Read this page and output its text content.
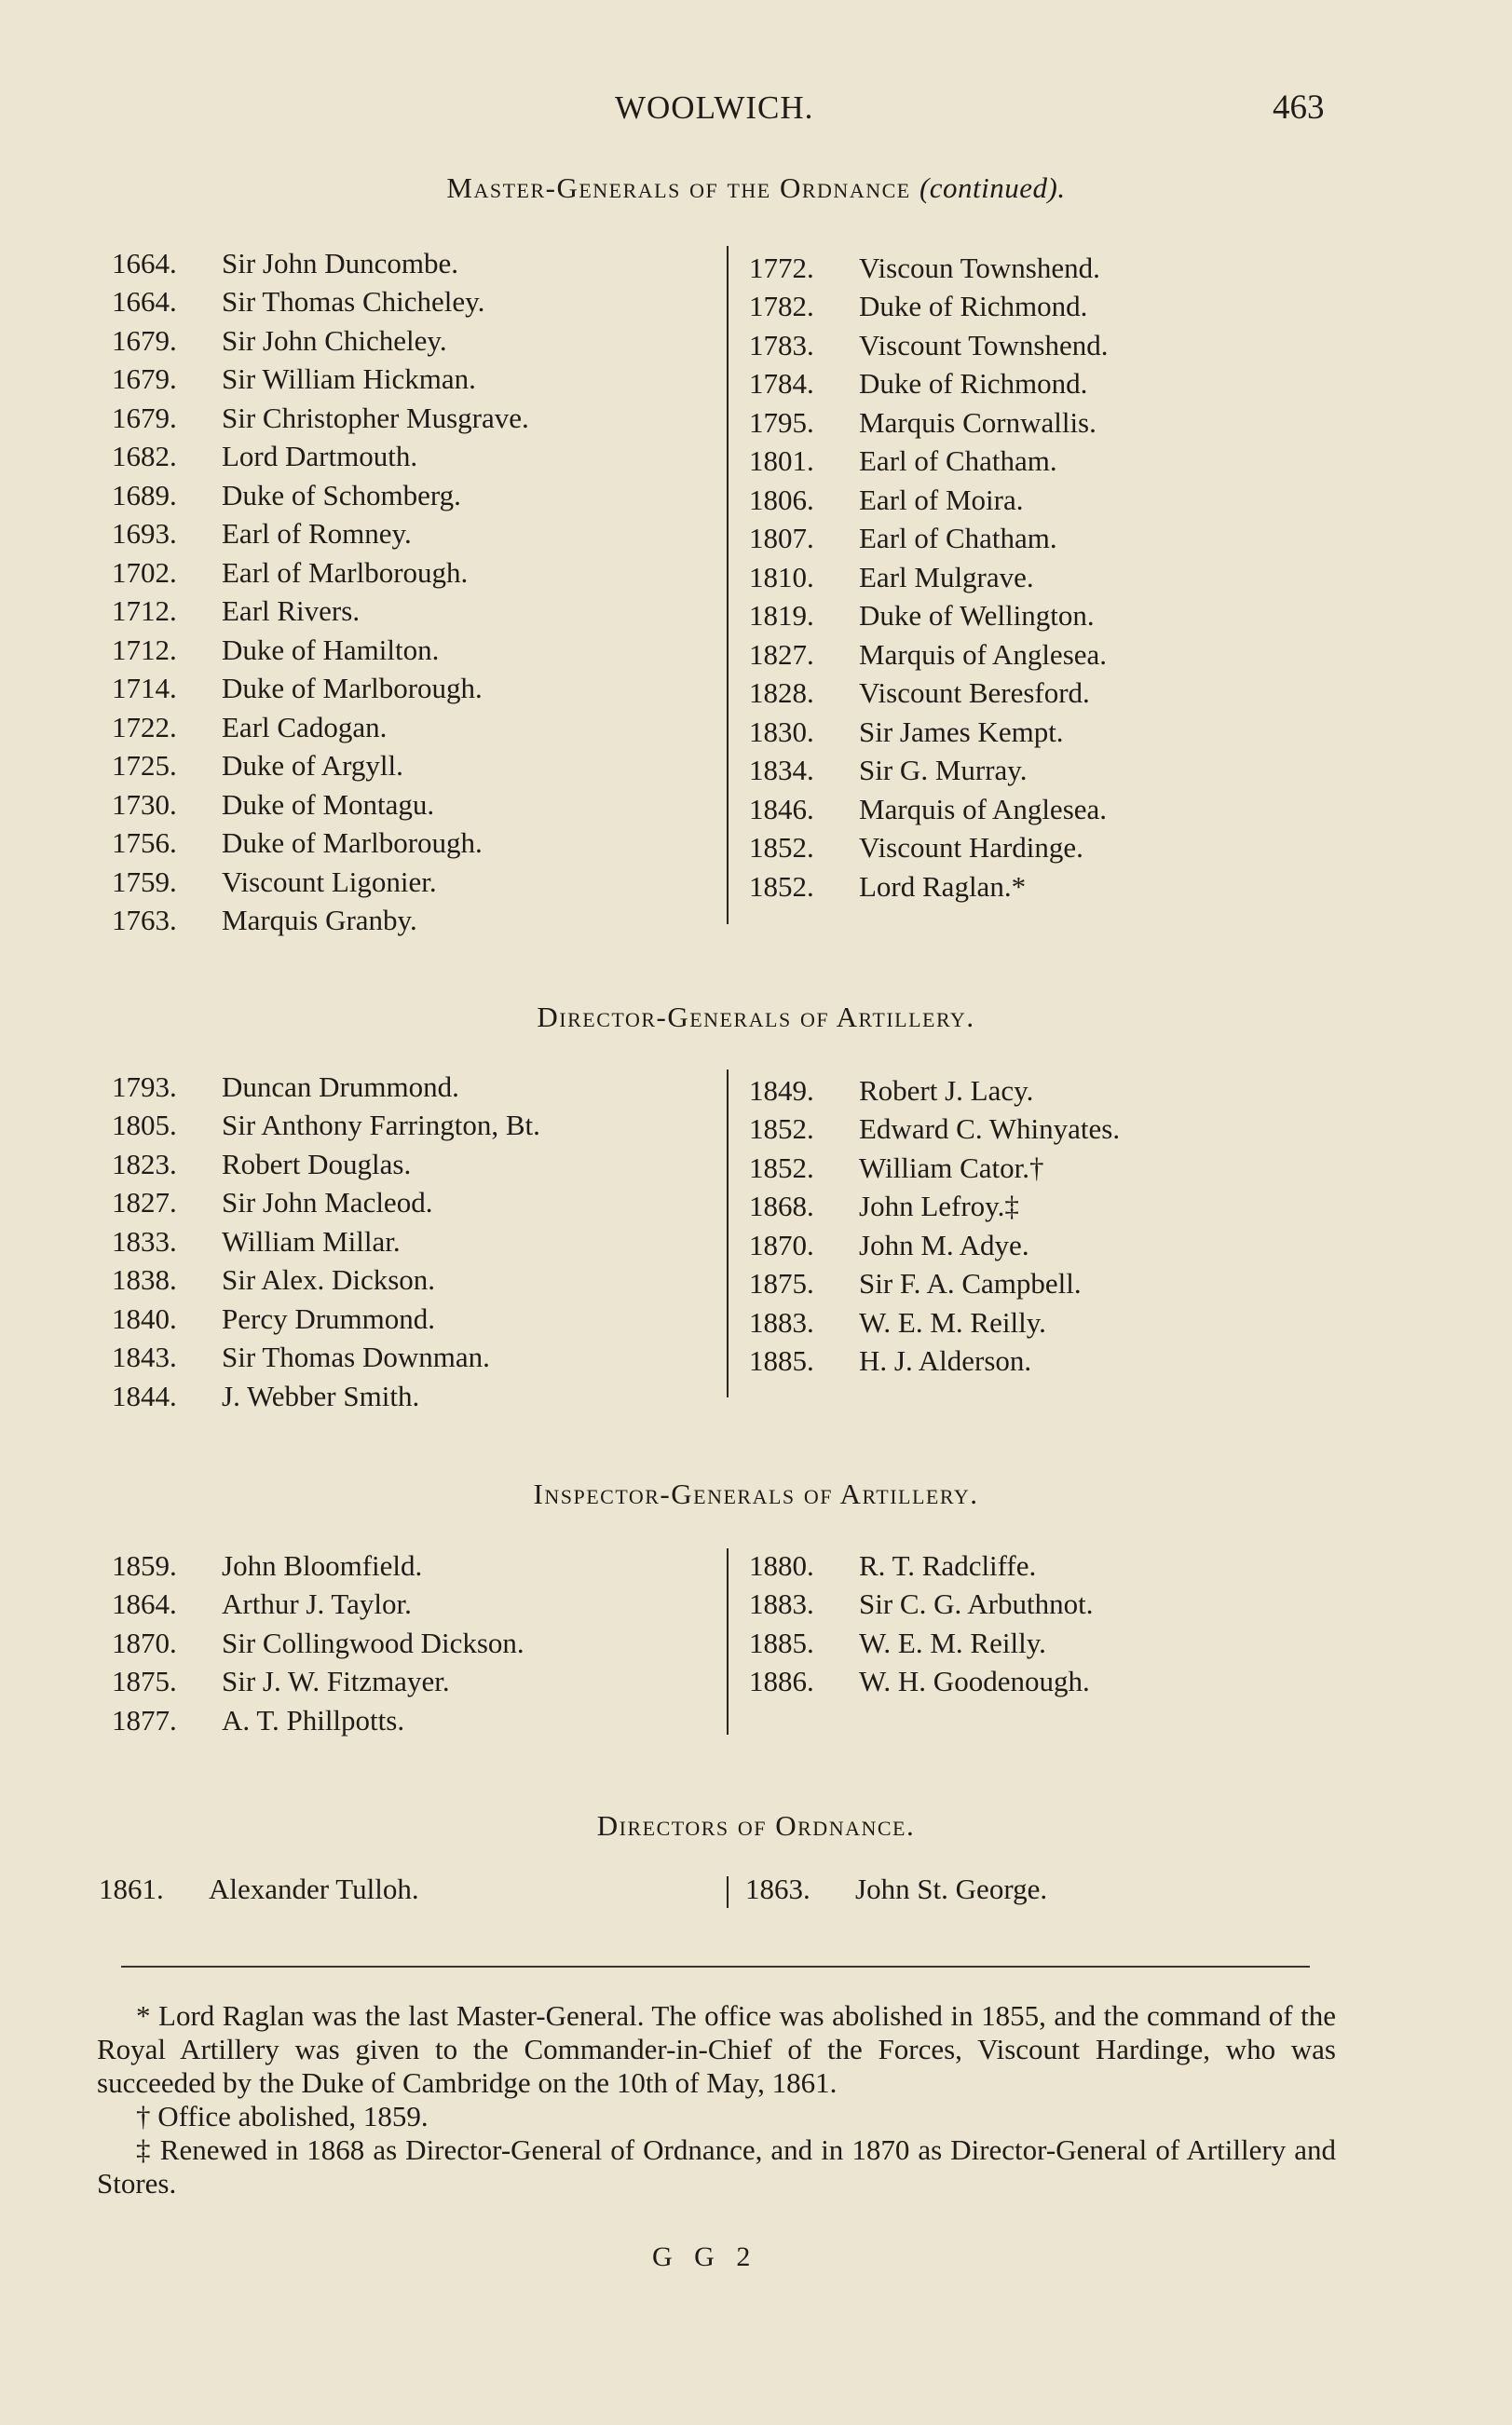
WOOLWICH.	463
Master-Generals of the Ordnance (continued).
1664.	Sir John Duncombe.
1664.	Sir Thomas Chicheley.
1679.	Sir John Chicheley.
1679.	Sir William Hickman.
1679.	Sir Christopher Musgrave.
1682.	Lord Dartmouth.
1689.	Duke of Schomberg.
1693.	Earl of Romney.
1702.	Earl of Marlborough.
1712.	Earl Rivers.
1712.	Duke of Hamilton.
1714.	Duke of Marlborough.
1722.	Earl Cadogan.
1725.	Duke of Argyll.
1730.	Duke of Montagu.
1756.	Duke of Marlborough.
1759.	Viscount Ligonier.
1763.	Marquis Granby.
1772.	Viscoun Townshend.
1782.	Duke of Richmond.
1783.	Viscount Townshend.
1784.	Duke of Richmond.
1795.	Marquis Cornwallis.
1801.	Earl of Chatham.
1806.	Earl of Moira.
1807.	Earl of Chatham.
1810.	Earl Mulgrave.
1819.	Duke of Wellington.
1827.	Marquis of Anglesea.
1828.	Viscount Beresford.
1830.	Sir James Kempt.
1834.	Sir G. Murray.
1846.	Marquis of Anglesea.
1852.	Viscount Hardinge.
1852.	Lord Raglan.*
Director-Generals of Artillery.
1793.	Duncan Drummond.
1805.	Sir Anthony Farrington, Bt.
1823.	Robert Douglas.
1827.	Sir John Macleod.
1833.	William Millar.
1838.	Sir Alex. Dickson.
1840.	Percy Drummond.
1843.	Sir Thomas Downman.
1844.	J. Webber Smith.
1849.	Robert J. Lacy.
1852.	Edward C. Whinyates.
1852.	William Cator.†
1868.	John Lefroy.‡
1870.	John M. Adye.
1875.	Sir F. A. Campbell.
1883.	W. E. M. Reilly.
1885.	H. J. Alderson.
Inspector-Generals of Artillery.
1859.	John Bloomfield.
1864.	Arthur J. Taylor.
1870.	Sir Collingwood Dickson.
1875.	Sir J. W. Fitzmayer.
1877.	A. T. Phillpotts.
1880.	R. T. Radcliffe.
1883.	Sir C. G. Arbuthnot.
1885.	W. E. M. Reilly.
1886.	W. H. Goodenough.
Directors of Ordnance.
1861.	Alexander Tulloh.	1863.	John St. George.

* Lord Raglan was the last Master-General. The office was abolished in 1855, and the command of the Royal Artillery was given to the Commander-in-Chief of the Forces, Viscount Hardinge, who was succeeded by the Duke of Cambridge on the 10th of May, 1861.

† Office abolished, 1859.

‡ Renewed in 1868 as Director-General of Ordnance, and in 1870 as Director-General of Artillery and Stores.

G G 2
